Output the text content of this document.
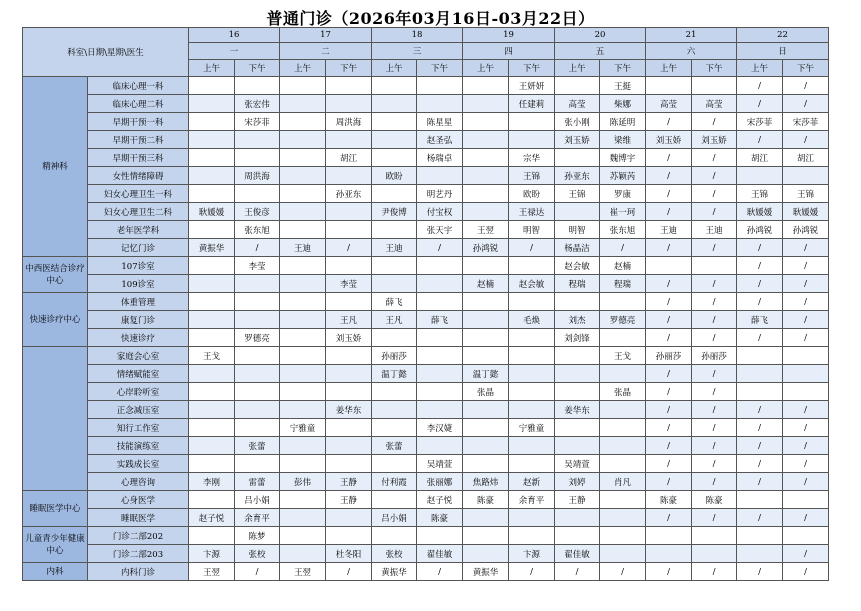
普通门诊（2026年03月16日-03月22日）
科室\日期\星期\医生		16		17		18		19		20		21		22	
		一		二		三		四		五		六		日	
		上午	下午	上午	下午	上午	下午	上午	下午	上午	下午	上午	下午	上午	下午
精神科	临床心理一科								王妍妍		王挺			/	/
	临床心理二科		张宏伟						任建莉	高莹	柴娜	高莹	高莹	/	/
	早期干预一科		宋莎菲		周洪海		陈星星			张小刚	陈延明	/	/	宋莎菲	宋莎菲
	早期干预二科						赵圣弘			刘玉娇	梁维	刘玉娇	刘玉娇	/	/
	早期干预三科				胡江		杨瑞卓		宗华		魏博宇	/	/	胡江	胡江
	女性情绪障碍		周洪海			欧盼			王锦	孙亚东	苏颖芮	/	/		
	妇女心理卫生一科				孙亚东		明艺丹		欧盼	王锦	罗康	/	/	王锦	王锦
	妇女心理卫生二科	耿媛媛	王俊彦			尹俊博	付宝权		王禄达		崔一珂	/	/	耿媛媛	耿媛媛
	老年医学科		张东旭				张天宇	王翌	明智	明智	张东旭	王迪	王迪	孙鸿锐	孙鸿锐
	记忆门诊	黄振华	/	王迪	/	王迪	/	孙鸿锐	/	杨晶洁	/	/	/	/	/
中西医结合诊疗中心	107诊室		李莹							赵会敏	赵楠			/	/
	109诊室				李莹			赵楠	赵会敏	程瑞	程瑞	/	/	/	/
快速诊疗中心	体重管理					薛飞						/	/	/	/
	康复门诊				王凡	王凡	薛飞		毛焕	刘杰	罗德亮	/	/	薛飞	/
	快速诊疗		罗德亮		刘玉娇					刘剑锋		/	/	/	/
	家庭会心室	王戈				孙丽莎					王戈	孙丽莎	孙丽莎		
	情绪赋能室					温丁懿		温丁懿				/	/		
	心岸聆听室							张晶			张晶	/	/		
	正念减压室				姜华东					姜华东		/	/	/	/
	知行工作室			宁雅童			李汉婕		宁雅童			/	/	/	/
	技能演练室		张蕾			张蕾						/	/	/	/
	实践成长室						吴靖萱			吴靖萱		/	/	/	/
	心理咨询	李刚	雷蕾	彭伟	王静	付利霞	张丽娜	焦路炜	赵新	刘婷	肖凡	/	/	/	/
睡眠医学中心	心身医学		吕小娟		王静		赵子悦	陈豪	余育平	王静		陈豪	陈豪		
	睡眠医学	赵子悦	余育平			吕小娟	陈豪					/	/	/	/
儿童青少年健康中心	门诊二部202		陈梦												
	门诊二部203	卞源	张校		杜冬阳	张校	翟佳敏		卞源	翟佳敏					/
内科	内科门诊	王翌	/	王翌	/	黄振华	/	黄振华	/	/	/	/	/	/	/
